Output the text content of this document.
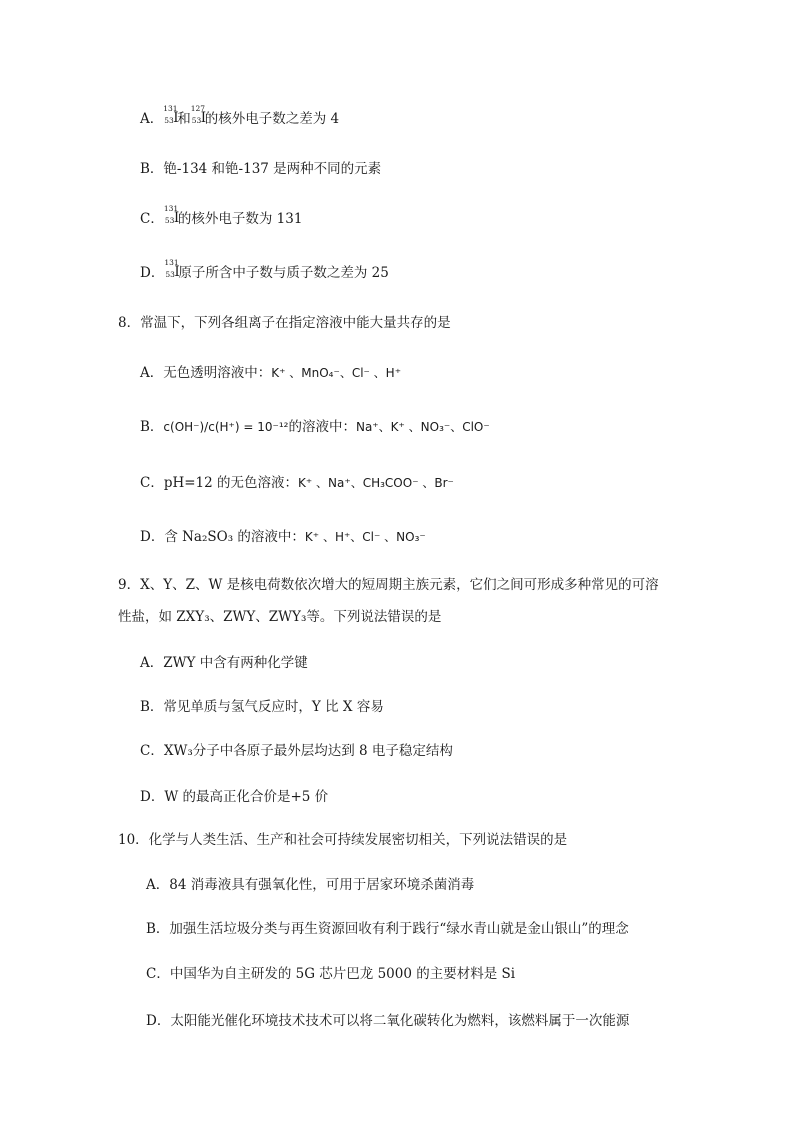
A．
131
53 I
和
127
53 I
的核外电子数之差为 4
B．铯-134 和铯-137 是两种不同的元素
C．
131
53 I
的核外电子数为 131
D．
131
53 I
原子所含中子数与质子数之差为 25
8．常温下，下列各组离子在指定溶液中能大量共存的是
A．无色透明溶液中：K⁺ 、MnO₄⁻、Cl⁻ 、H⁺
B．c(OH⁻)/c(H⁺) = 10⁻¹²的溶液中：Na⁺、K⁺ 、NO₃⁻、ClO⁻
C．pH=12 的无色溶液：K⁺ 、Na⁺、CH₃COO⁻ 、Br⁻
D．含 Na₂SO₃ 的溶液中：K⁺ 、H⁺、Cl⁻ 、NO₃⁻
9．X、Y、Z、W 是核电荷数依次增大的短周期主族元素，它们之间可形成多种常见的可溶
性盐，如 ZXY₃、ZWY、ZWY₃等。下列说法错误的是
A．ZWY 中含有两种化学键
B．常见单质与氢气反应时，Y 比 X 容易
C．XW₃分子中各原子最外层均达到 8 电子稳定结构
D．W 的最高正化合价是+5 价
10．化学与人类生活、生产和社会可持续发展密切相关，下列说法错误的是
A．84 消毒液具有强氧化性，可用于居家环境杀菌消毒
B．加强生活垃圾分类与再生资源回收有利于践行“绿水青山就是金山银山”的理念
C．中国华为自主研发的 5G 芯片巴龙 5000 的主要材料是 Si
D．太阳能光催化环境技术技术可以将二氧化碳转化为燃料，该燃料属于一次能源
